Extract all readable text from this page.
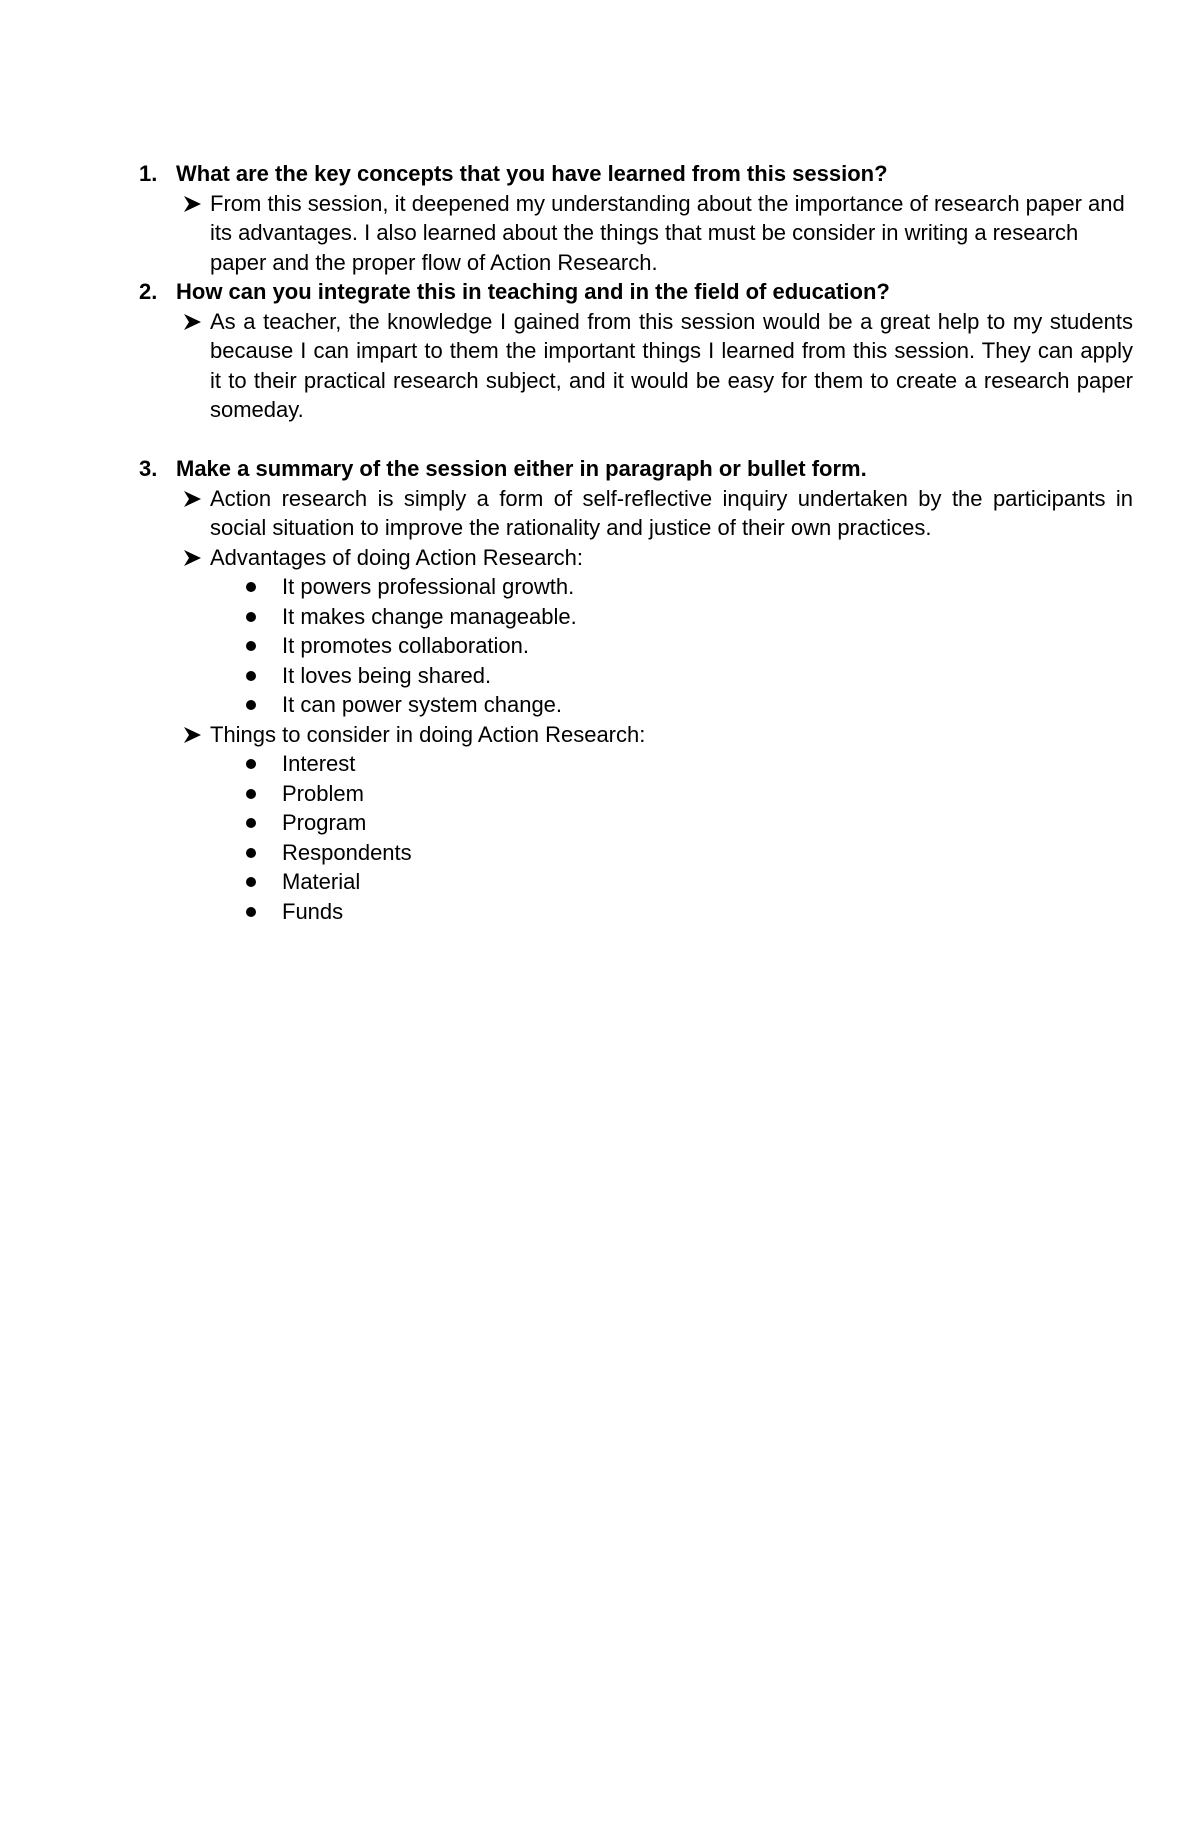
1. What are the key concepts that you have learned from this session?
From this session, it deepened my understanding about the importance of research paper and its advantages. I also learned about the things that must be consider in writing a research paper and the proper flow of Action Research.
2. How can you integrate this in teaching and in the field of education?
As a teacher, the knowledge I gained from this session would be a great help to my students because I can impart to them the important things I learned from this session. They can apply it to their practical research subject, and it would be easy for them to create a research paper someday.
3. Make a summary of the session either in paragraph or bullet form.
Action research is simply a form of self-reflective inquiry undertaken by the participants in social situation to improve the rationality and justice of their own practices.
Advantages of doing Action Research:
It powers professional growth.
It makes change manageable.
It promotes collaboration.
It loves being shared.
It can power system change.
Things to consider in doing Action Research:
Interest
Problem
Program
Respondents
Material
Funds
